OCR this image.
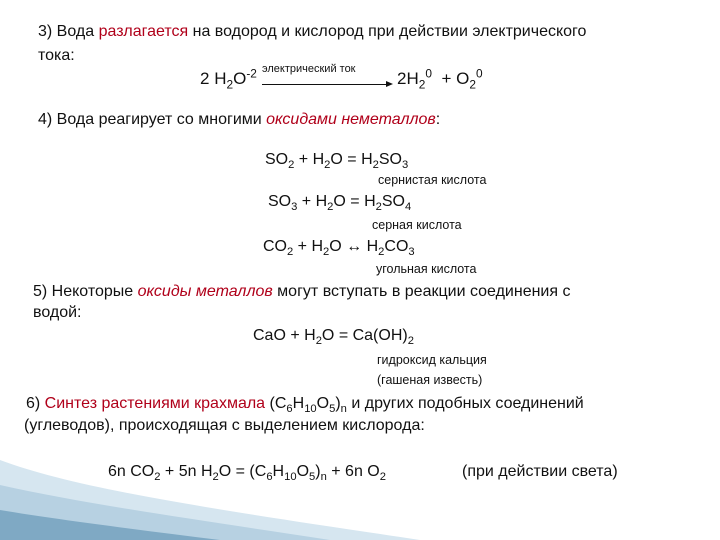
3) Вода разлагается на водород и кислород при действии электрического
тока:
2 $H_2O^{-2}$ электрический ток $2H_2^0 + O_2^0$
4) Вода реагирует со многими оксидами неметаллов:
$SO_2 + H_2O = H_2SO_3$
сернистая кислота
$SO_3 + H_2O = H_2SO_4$
серная кислота
$CO_2 + H_2O$ ↔ $H_2CO_3$
угольная кислота
5) Некоторые оксиды металлов могут вступать в реакции соединения с
водой:
CaO + $H_2O = Ca(OH)_2$
гидроксид кальция
(гашеная известь)
6) Синтез растениями крахмала $(C_6H_{10}O_5)_n$ и других подобных соединений
(углеводов), происходящая с выделением кислорода:
6n $CO_2 + 5n$ $H_2O = (C_6H_{10}O_5)_n + 6n$ $O_2$	(при действии света)
